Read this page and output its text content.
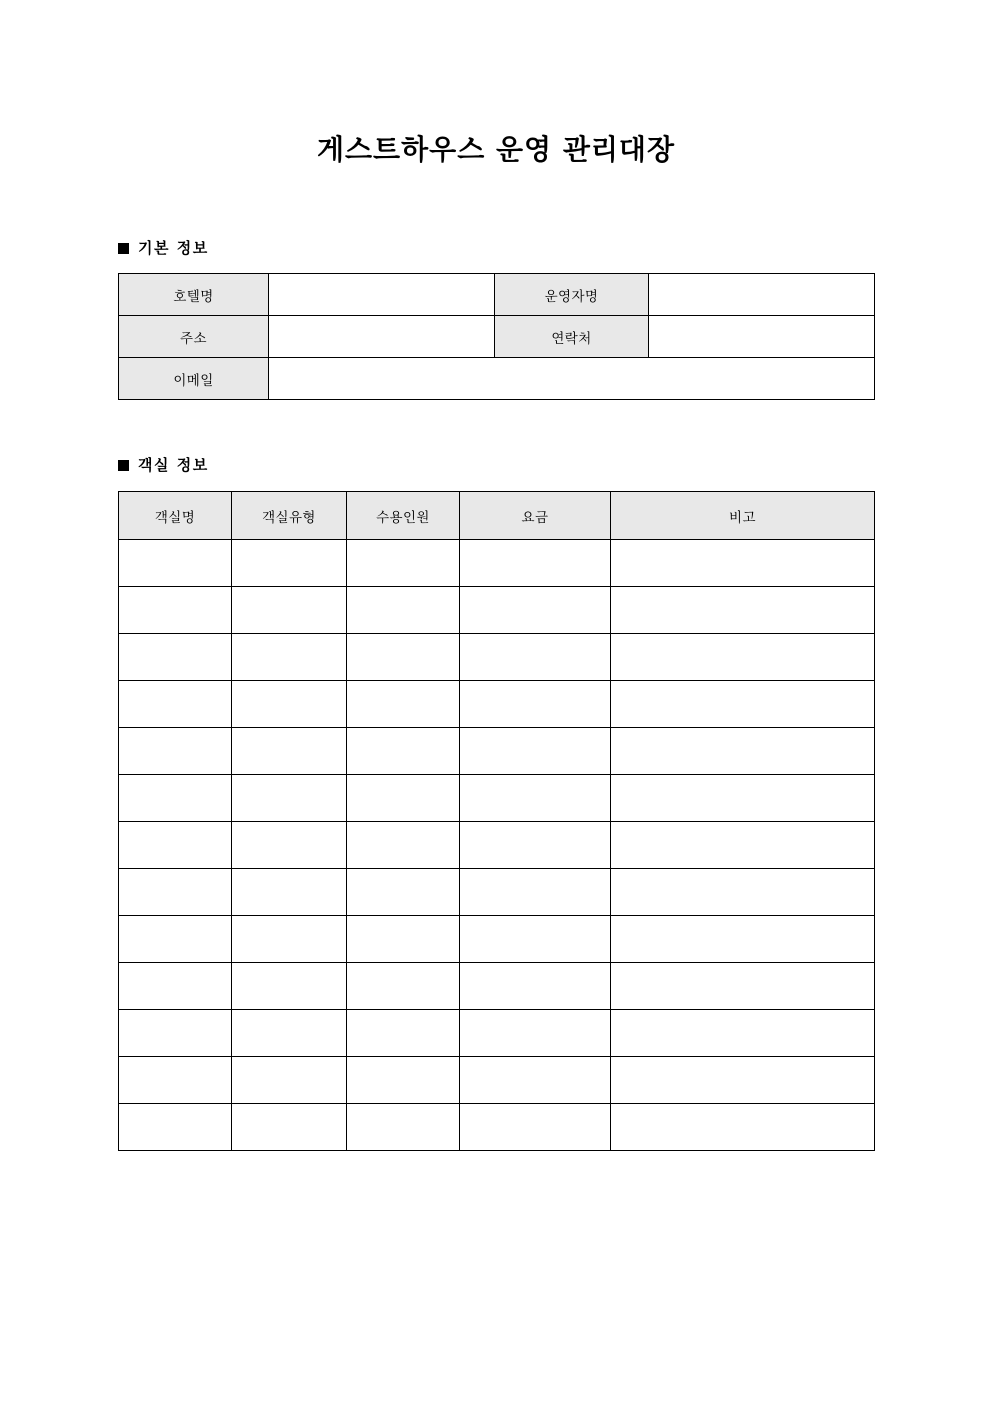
게스트하우스 운영 관리대장
기본 정보
호텔명		운영자명	
주소		연락처	
이메일			
객실 정보
객실명	객실유형	수용인원	요금	비고
